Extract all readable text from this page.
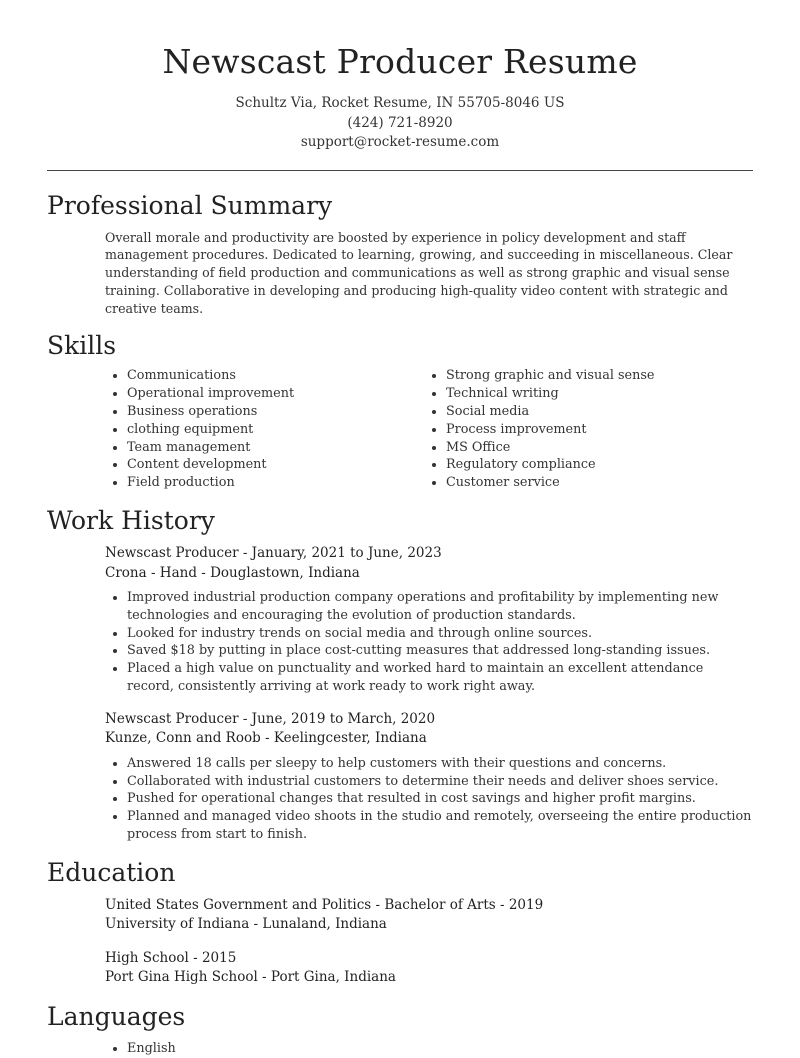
Newscast Producer Resume
Schultz Via, Rocket Resume, IN 55705-8046 US
(424) 721-8920
support@rocket-resume.com
Professional Summary
Overall morale and productivity are boosted by experience in policy development and staff management procedures. Dedicated to learning, growing, and succeeding in miscellaneous. Clear understanding of field production and communications as well as strong graphic and visual sense training. Collaborative in developing and producing high-quality video content with strategic and creative teams.
Skills
• Communications
• Operational improvement
• Business operations
• clothing equipment
• Team management
• Content development
• Field production
• Strong graphic and visual sense
• Technical writing
• Social media
• Process improvement
• MS Office
• Regulatory compliance
• Customer service
Work History
Newscast Producer - January, 2021 to June, 2023
Crona - Hand - Douglastown, Indiana
• Improved industrial production company operations and profitability by implementing new technologies and encouraging the evolution of production standards.
• Looked for industry trends on social media and through online sources.
• Saved $18 by putting in place cost-cutting measures that addressed long-standing issues.
• Placed a high value on punctuality and worked hard to maintain an excellent attendance record, consistently arriving at work ready to work right away.
Newscast Producer - June, 2019 to March, 2020
Kunze, Conn and Roob - Keelingcester, Indiana
• Answered 18 calls per sleepy to help customers with their questions and concerns.
• Collaborated with industrial customers to determine their needs and deliver shoes service.
• Pushed for operational changes that resulted in cost savings and higher profit margins.
• Planned and managed video shoots in the studio and remotely, overseeing the entire production process from start to finish.
Education
United States Government and Politics - Bachelor of Arts - 2019
University of Indiana - Lunaland, Indiana
High School - 2015
Port Gina High School - Port Gina, Indiana
Languages
• English
